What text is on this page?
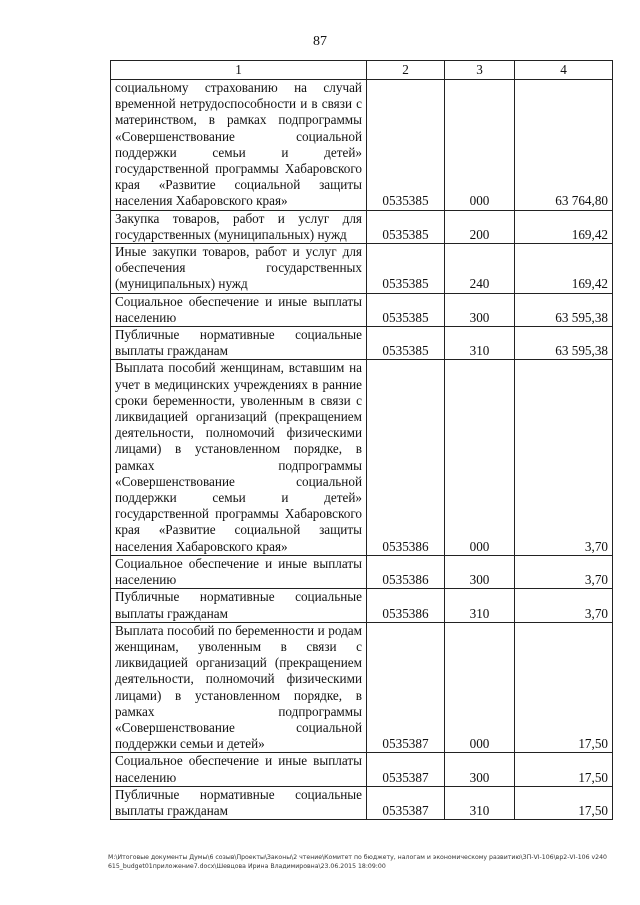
87
1	2	3	4
социальному страхованию на случай временной нетрудоспособности и в связи с материнством, в рамках подпрограммы «Совершенствование социальной поддержки семьи и детей» государственной программы Хабаровского края «Развитие социальной защиты населения Хабаровского края»	0535385	000	63 764,80
Закупка товаров, работ и услуг для государственных (муниципальных) нужд	0535385	200	169,42
Иные закупки товаров, работ и услуг для обеспечения государственных (муниципальных) нужд	0535385	240	169,42
Социальное обеспечение и иные выплаты населению	0535385	300	63 595,38
Публичные нормативные социальные выплаты гражданам	0535385	310	63 595,38
Выплата пособий женщинам, вставшим на учет в медицинских учреждениях в ранние сроки беременности, уволенным в связи с ликвидацией организаций (прекращением деятельности, полномочий физическими лицами) в установленном порядке, в рамках подпрограммы «Совершенствование социальной поддержки семьи и детей» государственной программы Хабаровского края «Развитие социальной защиты населения Хабаровского края»	0535386	000	3,70
Социальное обеспечение и иные выплаты населению	0535386	300	3,70
Публичные нормативные социальные выплаты гражданам	0535386	310	3,70
Выплата пособий по беременности и родам женщинам, уволенным в связи с ликвидацией организаций (прекращением деятельности, полномочий физическими лицами) в установленном порядке, в рамках подпрограммы «Совершенствование социальной поддержки семьи и детей»	0535387	000	17,50
Социальное обеспечение и иные выплаты населению	0535387	300	17,50
Публичные нормативные социальные выплаты гражданам	0535387	310	17,50
M:\Итоговые документы Думы\6 созыв\Проекты\Законы\2 чтение\Комитет по бюджету, налогам и экономическому развитию\ЗП-VI-106\вр2-VI-106 v240615_budget01приложение7.docx\Шевцова Ирина Владимировна\23.06.2015 18:09:00
